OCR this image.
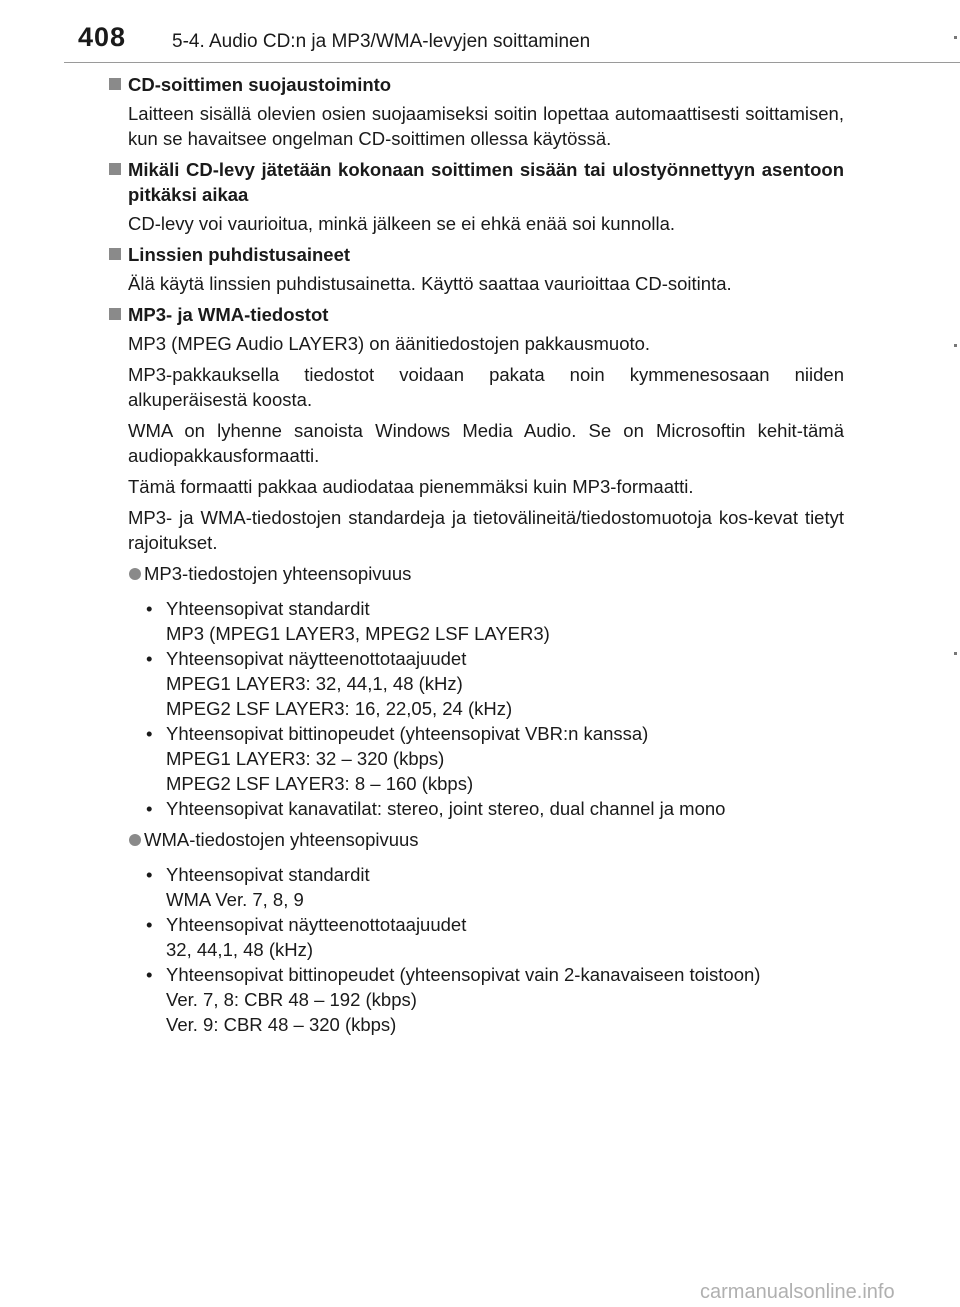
408 5-4. Audio CD:n ja MP3/WMA-levyjen soittaminen
CD-soittimen suojaustoiminto
Laitteen sisällä olevien osien suojaamiseksi soitin lopettaa automaattisesti soittamisen, kun se havaitsee ongelman CD-soittimen ollessa käytössä.
Mikäli CD-levy jätetään kokonaan soittimen sisään tai ulostyönnettyyn asentoon pitkäksi aikaa
CD-levy voi vaurioitua, minkä jälkeen se ei ehkä enää soi kunnolla.
Linssien puhdistusaineet
Älä käytä linssien puhdistusainetta. Käyttö saattaa vaurioittaa CD-soitinta.
MP3- ja WMA-tiedostot
MP3 (MPEG Audio LAYER3) on äänitiedostojen pakkausmuoto.
MP3-pakkauksella tiedostot voidaan pakata noin kymmenesosaan niiden alkuperäisestä koosta.
WMA on lyhenne sanoista Windows Media Audio. Se on Microsoftin kehit-tämä audiopakkausformaatti.
Tämä formaatti pakkaa audiodataa pienemmäksi kuin MP3-formaatti.
MP3- ja WMA-tiedostojen standardeja ja tietovälineitä/tiedostomuotoja kos-kevat tietyt rajoitukset.
MP3-tiedostojen yhteensopivuus
• Yhteensopivat standardit
MP3 (MPEG1 LAYER3, MPEG2 LSF LAYER3)
• Yhteensopivat näytteenottotaajuudet
MPEG1 LAYER3: 32, 44,1, 48 (kHz)
MPEG2 LSF LAYER3: 16, 22,05, 24 (kHz)
• Yhteensopivat bittinopeudet (yhteensopivat VBR:n kanssa)
MPEG1 LAYER3: 32 – 320 (kbps)
MPEG2 LSF LAYER3: 8 – 160 (kbps)
• Yhteensopivat kanavatilat: stereo, joint stereo, dual channel ja mono
WMA-tiedostojen yhteensopivuus
• Yhteensopivat standardit
WMA Ver. 7, 8, 9
• Yhteensopivat näytteenottotaajuudet
32, 44,1, 48 (kHz)
• Yhteensopivat bittinopeudet (yhteensopivat vain 2-kanavaiseen toistoon)
Ver. 7, 8: CBR 48 – 192 (kbps)
Ver. 9: CBR 48 – 320 (kbps)
carmanualsonline.info
